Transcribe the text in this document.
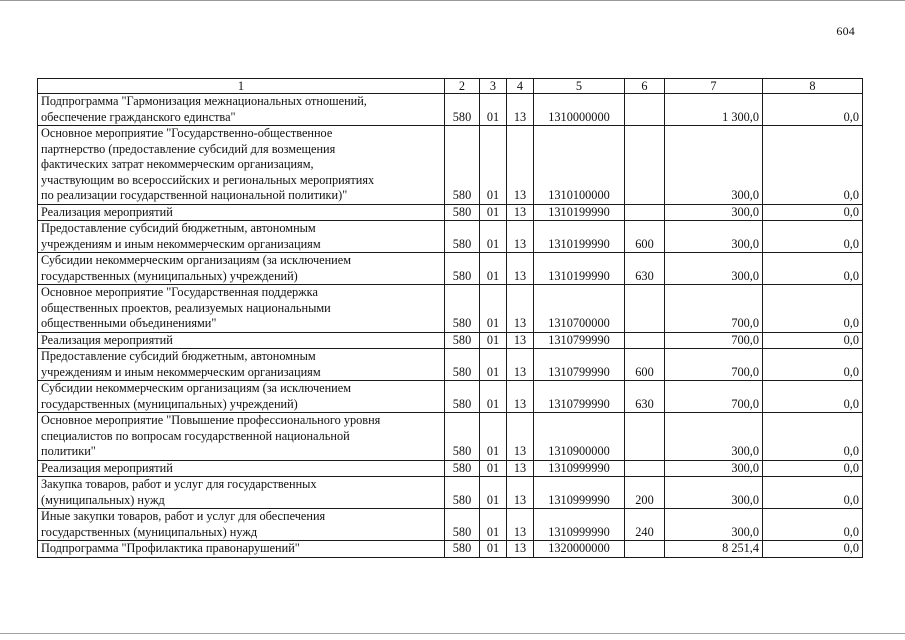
604
1	2	3	4	5	6	7	8

Подпрограмма "Гармонизация межнациональных отношений,
обеспечение гражданского единства"	580	01	13	1310000000		1 300,0	0,0

Основное мероприятие "Государственно-общественное
партнерство (предоставление субсидий для возмещения
фактических затрат некоммерческим организациям,
участвующим во всероссийских и региональных мероприятиях
по реализации государственной национальной политики)"	580	01	13	1310100000		300,0	0,0

Реализация мероприятий	580	01	13	1310199990		300,0	0,0

Предоставление субсидий бюджетным, автономным
учреждениям и иным некоммерческим организациям	580	01	13	1310199990	600	300,0	0,0

Субсидии некоммерческим организациям (за исключением
государственных (муниципальных) учреждений)	580	01	13	1310199990	630	300,0	0,0

Основное мероприятие "Государственная поддержка
общественных проектов, реализуемых национальными
общественными объединениями"	580	01	13	1310700000		700,0	0,0

Реализация мероприятий	580	01	13	1310799990		700,0	0,0

Предоставление субсидий бюджетным, автономным
учреждениям и иным некоммерческим организациям	580	01	13	1310799990	600	700,0	0,0

Субсидии некоммерческим организациям (за исключением
государственных (муниципальных) учреждений)	580	01	13	1310799990	630	700,0	0,0

Основное мероприятие "Повышение профессионального уровня
специалистов по вопросам государственной национальной
политики"	580	01	13	1310900000		300,0	0,0

Реализация мероприятий	580	01	13	1310999990		300,0	0,0

Закупка товаров, работ и услуг для государственных
(муниципальных) нужд	580	01	13	1310999990	200	300,0	0,0

Иные закупки товаров, работ и услуг для обеспечения
государственных (муниципальных) нужд	580	01	13	1310999990	240	300,0	0,0

Подпрограмма "Профилактика правонарушений"	580	01	13	1320000000		8 251,4	0,0
